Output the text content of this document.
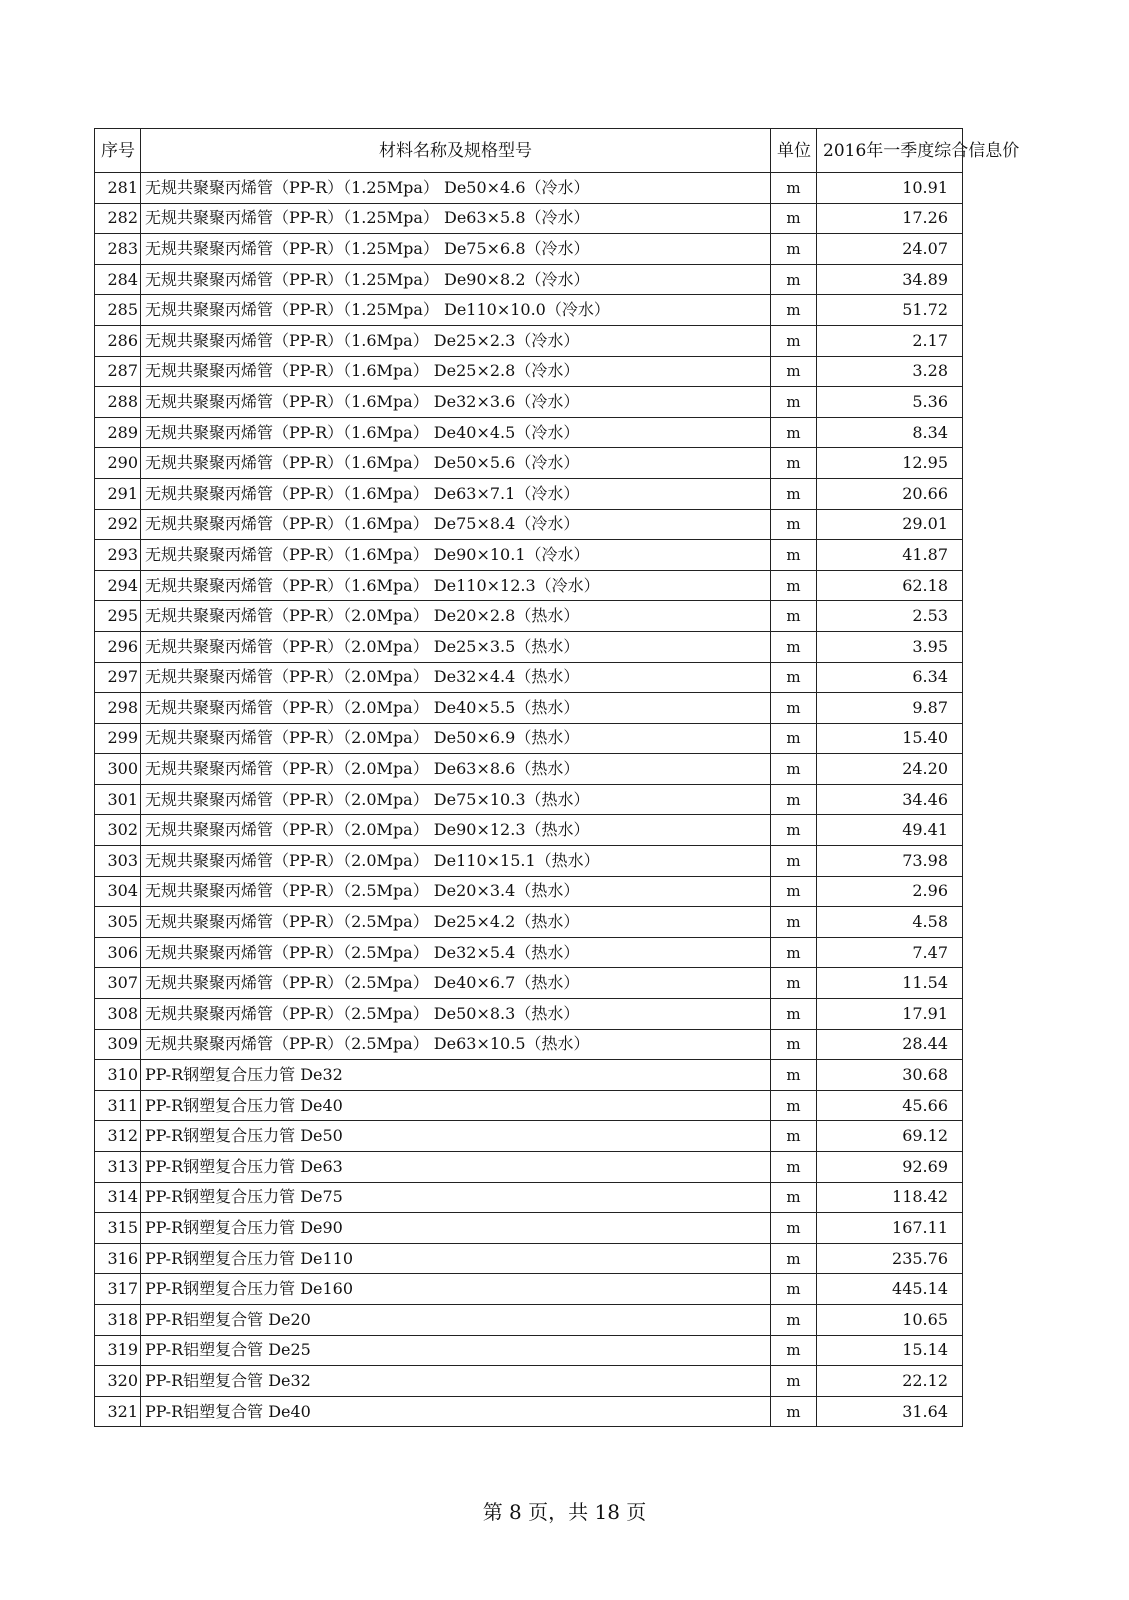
序号	材料名称及规格型号	单位	2016年一季度综合信息价
281	无规共聚聚丙烯管（PP-R）（1.25Mpa） De50×4.6（冷水）	m	10.91
282	无规共聚聚丙烯管（PP-R）（1.25Mpa） De63×5.8（冷水）	m	17.26
283	无规共聚聚丙烯管（PP-R）（1.25Mpa） De75×6.8（冷水）	m	24.07
284	无规共聚聚丙烯管（PP-R）（1.25Mpa） De90×8.2（冷水）	m	34.89
285	无规共聚聚丙烯管（PP-R）（1.25Mpa） De110×10.0（冷水）	m	51.72
286	无规共聚聚丙烯管（PP-R）（1.6Mpa） De25×2.3（冷水）	m	2.17
287	无规共聚聚丙烯管（PP-R）（1.6Mpa） De25×2.8（冷水）	m	3.28
288	无规共聚聚丙烯管（PP-R）（1.6Mpa） De32×3.6（冷水）	m	5.36
289	无规共聚聚丙烯管（PP-R）（1.6Mpa） De40×4.5（冷水）	m	8.34
290	无规共聚聚丙烯管（PP-R）（1.6Mpa） De50×5.6（冷水）	m	12.95
291	无规共聚聚丙烯管（PP-R）（1.6Mpa） De63×7.1（冷水）	m	20.66
292	无规共聚聚丙烯管（PP-R）（1.6Mpa） De75×8.4（冷水）	m	29.01
293	无规共聚聚丙烯管（PP-R）（1.6Mpa） De90×10.1（冷水）	m	41.87
294	无规共聚聚丙烯管（PP-R）（1.6Mpa） De110×12.3（冷水）	m	62.18
295	无规共聚聚丙烯管（PP-R）（2.0Mpa） De20×2.8（热水）	m	2.53
296	无规共聚聚丙烯管（PP-R）（2.0Mpa） De25×3.5（热水）	m	3.95
297	无规共聚聚丙烯管（PP-R）（2.0Mpa） De32×4.4（热水）	m	6.34
298	无规共聚聚丙烯管（PP-R）（2.0Mpa） De40×5.5（热水）	m	9.87
299	无规共聚聚丙烯管（PP-R）（2.0Mpa） De50×6.9（热水）	m	15.40
300	无规共聚聚丙烯管（PP-R）（2.0Mpa） De63×8.6（热水）	m	24.20
301	无规共聚聚丙烯管（PP-R）（2.0Mpa） De75×10.3（热水）	m	34.46
302	无规共聚聚丙烯管（PP-R）（2.0Mpa） De90×12.3（热水）	m	49.41
303	无规共聚聚丙烯管（PP-R）（2.0Mpa） De110×15.1（热水）	m	73.98
304	无规共聚聚丙烯管（PP-R）（2.5Mpa） De20×3.4（热水）	m	2.96
305	无规共聚聚丙烯管（PP-R）（2.5Mpa） De25×4.2（热水）	m	4.58
306	无规共聚聚丙烯管（PP-R）（2.5Mpa） De32×5.4（热水）	m	7.47
307	无规共聚聚丙烯管（PP-R）（2.5Mpa） De40×6.7（热水）	m	11.54
308	无规共聚聚丙烯管（PP-R）（2.5Mpa） De50×8.3（热水）	m	17.91
309	无规共聚聚丙烯管（PP-R）（2.5Mpa） De63×10.5（热水）	m	28.44
310	PP-R钢塑复合压力管 De32	m	30.68
311	PP-R钢塑复合压力管 De40	m	45.66
312	PP-R钢塑复合压力管 De50	m	69.12
313	PP-R钢塑复合压力管 De63	m	92.69
314	PP-R钢塑复合压力管 De75	m	118.42
315	PP-R钢塑复合压力管 De90	m	167.11
316	PP-R钢塑复合压力管 De110	m	235.76
317	PP-R钢塑复合压力管 De160	m	445.14
318	PP-R铝塑复合管 De20	m	10.65
319	PP-R铝塑复合管 De25	m	15.14
320	PP-R铝塑复合管 De32	m	22.12
321	PP-R铝塑复合管 De40	m	31.64
第 8 页，共 18 页
